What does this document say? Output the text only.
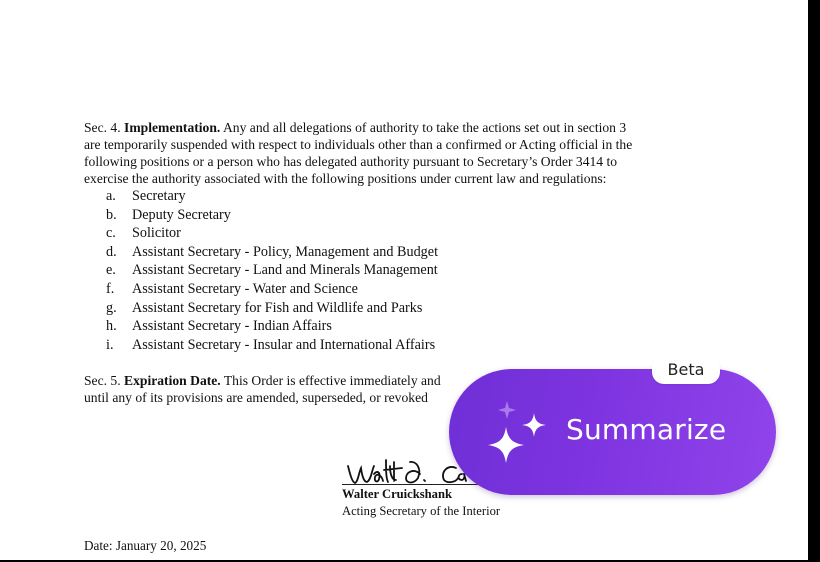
Sec. 4. Implementation. Any and all delegations of authority to take the actions set out in section 3
are temporarily suspended with respect to individuals other than a confirmed or Acting official in the
following positions or a person who has delegated authority pursuant to Secretary’s Order 3414 to
exercise the authority associated with the following positions under current law and regulations:

a.	Secretary
b.	Deputy Secretary
c.	Solicitor
d.	Assistant Secretary - Policy, Management and Budget
e.	Assistant Secretary - Land and Minerals Management
f.	Assistant Secretary - Water and Science
g.	Assistant Secretary for Fish and Wildlife and Parks
h.	Assistant Secretary - Indian Affairs
i.	Assistant Secretary - Insular and International Affairs
Sec. 5. Expiration Date. This Order is effective immediately and
until any of its provisions are amended, superseded, or revoked
Walter Cruickshank
Acting Secretary of the Interior
Date: January 20, 2025
Summarize
Beta
